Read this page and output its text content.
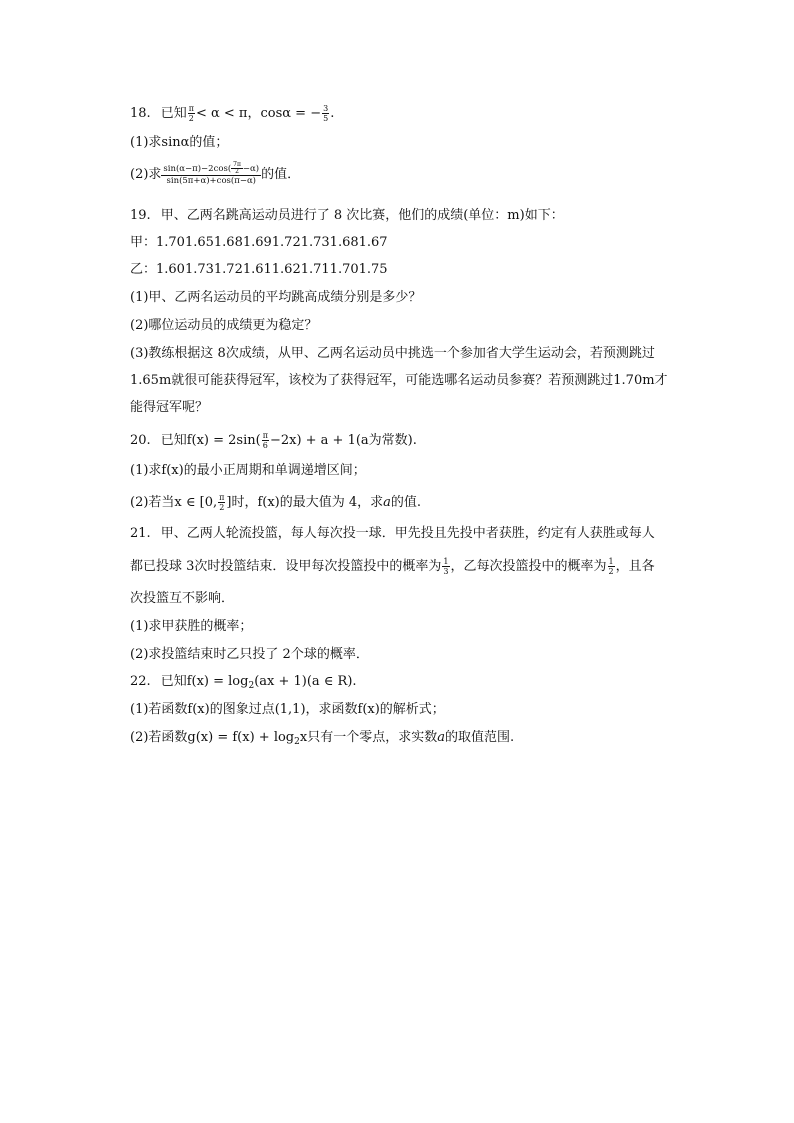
18. 已知 $\frac{\pi}{2} < \alpha < \pi$，cosα = − $\frac{3}{5}$ .
(1)求sinα的值；
(2)求 $\frac{\sin(\alpha-\pi)-2\cos( \frac{7\pi}{2} -\alpha)}{\sin(5\pi+\alpha)+\cos(\pi-\alpha)}$ 的值．
19. 甲、乙两名跳高运动员进行了 8 次比赛，他们的成绩(单位：m)如下：
甲：1.701.651.681.691.721.731.681.67
乙：1.601.731.721.611.621.711.701.75
(1)甲、乙两名运动员的平均跳高成绩分别是多少？
(2)哪位运动员的成绩更为稳定？
(3)教练根据这 8次成绩，从甲、乙两名运动员中挑选一个参加省大学生运动会，若预测跳过
1.65m就很可能获得冠军，该校为了获得冠军，可能选哪名运动员参赛？若预测跳过1.70m才
能得冠军呢？
20. 已知$f(x) = 2\sin( \frac{\pi}{6} -2x) + a + 1(a$为常数).
(1)求f(x)的最小正周期和单调递增区间；
(2)若当x ∈ [0, $\frac{\pi}{2}$ ]时，f(x)的最大值为 4，求a的值.
21. 甲、乙两人轮流投篮，每人每次投一球．甲先投且先投中者获胜，约定有人获胜或每人
都已投球 3次时投篮结束．设甲每次投篮投中的概率为 $\frac{1}{3}$ ，乙每次投篮投中的概率为 $\frac{1}{2}$ ，且各
次投篮互不影响．
(1)求甲获胜的概率；
(2)求投篮结束时乙只投了 2个球的概率．
22. 已知$f(x) = \log_2(ax + 1)(a$ ∈ R).
(1)若函数f(x)的图象过点(1,1)，求函数f(x)的解析式；
(2)若函数$g(x) = f(x) + \log_2x$只有一个零点，求实数a的取值范围.
